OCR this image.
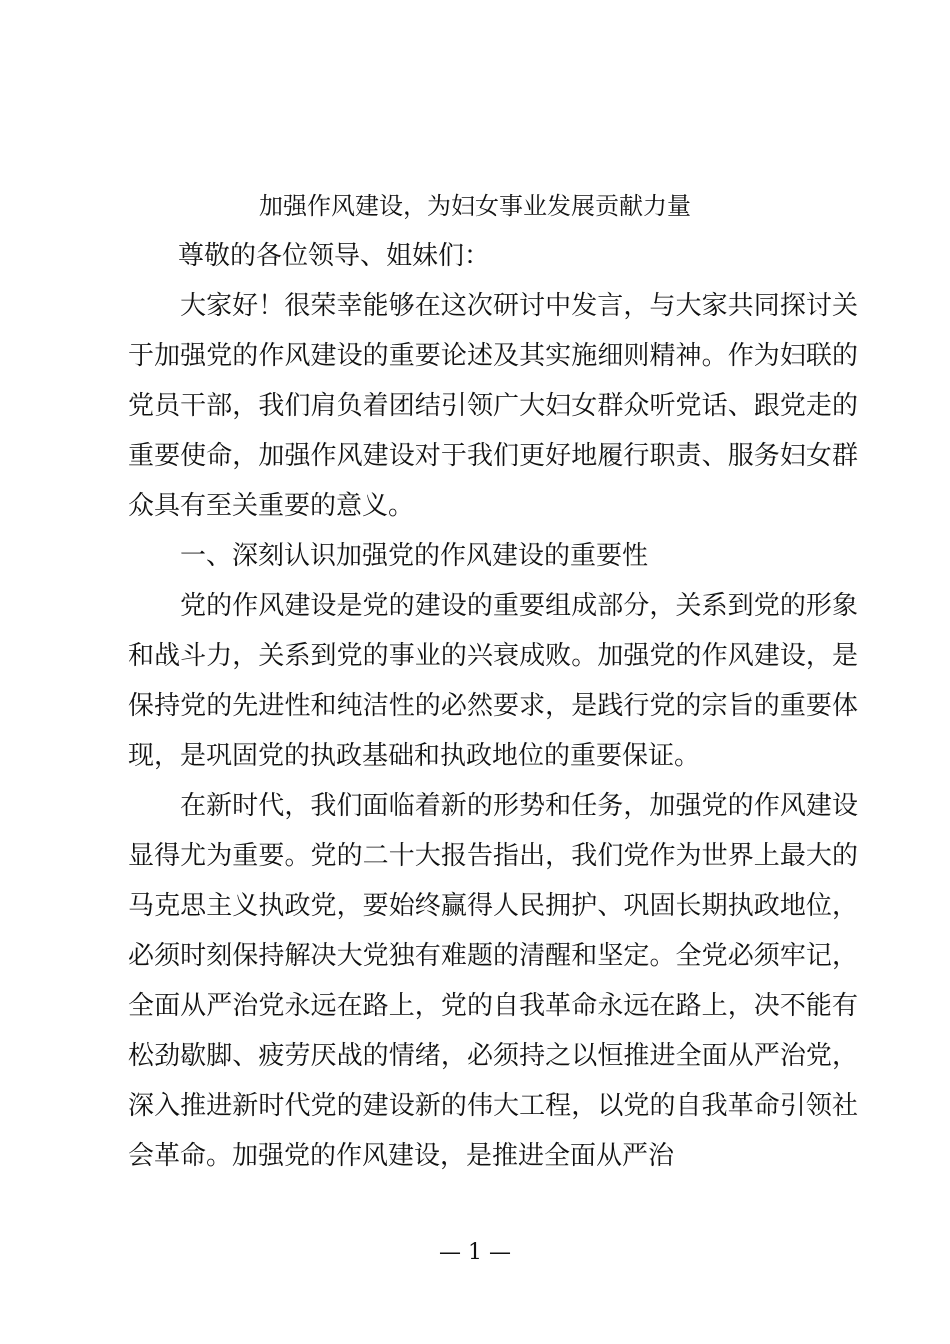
加强作风建设，为妇女事业发展贡献力量
尊敬的各位领导、姐妹们：

大家好！很荣幸能够在这次研讨中发言，与大家共同探讨关于加强党的作风建设的重要论述及其实施细则精神。作为妇联的党员干部，我们肩负着团结引领广大妇女群众听党话、跟党走的重要使命，加强作风建设对于我们更好地履行职责、服务妇女群众具有至关重要的意义。

一、深刻认识加强党的作风建设的重要性

党的作风建设是党的建设的重要组成部分，关系到党的形象和战斗力，关系到党的事业的兴衰成败。加强党的作风建设，是保持党的先进性和纯洁性的必然要求，是践行党的宗旨的重要体现，是巩固党的执政基础和执政地位的重要保证。

在新时代，我们面临着新的形势和任务，加强党的作风建设显得尤为重要。党的二十大报告指出，我们党作为世界上最大的马克思主义执政党，要始终赢得人民拥护、巩固长期执政地位，必须时刻保持解决大党独有难题的清醒和坚定。全党必须牢记，全面从严治党永远在路上，党的自我革命永远在路上，决不能有松劲歇脚、疲劳厌战的情绪，必须持之以恒推进全面从严治党，深入推进新时代党的建设新的伟大工程，以党的自我革命引领社会革命。加强党的作风建设，是推进全面从严治

— 1 —
